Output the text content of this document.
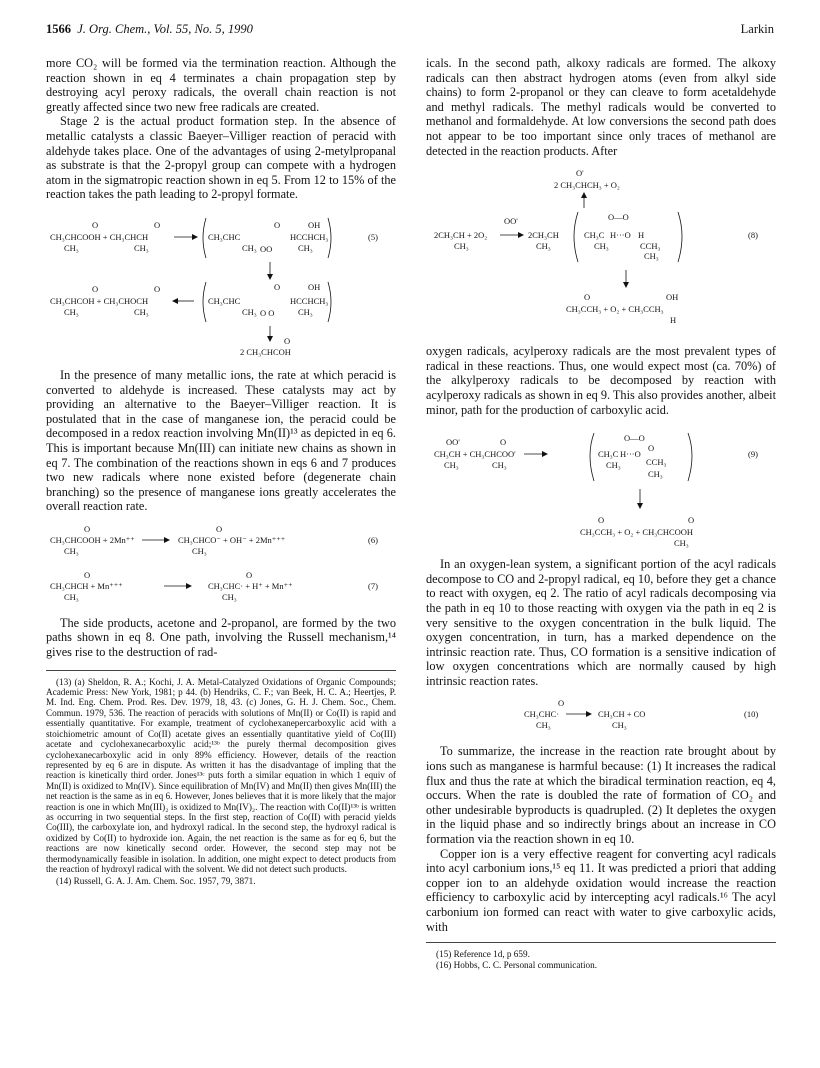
1566 J. Org. Chem., Vol. 55, No. 5, 1990	Larkin

more CO₂ will be formed via the termination reaction. Although the reaction shown in eq 4 terminates a chain propagation step by destroying acyl peroxy radicals, the overall chain reaction is not greatly affected since two new free radicals are created.

Stage 2 is the actual product formation step. In the absence of metallic catalysts a classic Baeyer–Villiger reaction of peracid with aldehyde takes place. One of the advantages of using 2-metylpropanal as substrate is that the 2-propyl group can compete with a hydrogen atom in the sigmatropic reaction shown in eq 5. From 12 to 15% of the reaction takes the path leading to 2-propyl formate.

O	O	O	OH
CH₃CHCOOH + CH₃CHCH	CH₃CHC	HCCHCH₃
CH₃	CH₃	CH₃ OO	CH₃
(5)
O	O	O	OH
CH₃CHCOH + CH₃CHOCH	CH₃CHC	HCCHCH₃
CH₃	CH₃	CH₃ O O	CH₃
O
2 CH₃CHCOH

In the presence of many metallic ions, the rate at which peracid is converted to aldehyde is increased. These catalysts may act by providing an alternative to the Baeyer–Villiger reaction. It is postulated that in the case of manganese ion, the peracid could be decomposed in a redox reaction involving Mn(II)¹³ as depicted in eq 6. This is important because Mn(III) can initiate new chains as shown in eq 7. The combination of the reactions shown in eqs 6 and 7 produces two new radicals where none existed before (degenerate chain branching) so the presence of manganese ions greatly accelerates the overall reaction rate.

O	O
CH₃CHCOOH + 2Mn⁺⁺	CH₃CHCO⁻ + OH⁻ + 2Mn⁺⁺⁺
CH₃	CH₃
(6)
O	O
CH₃CHCH + Mn⁺⁺⁺	CH₃CHC· + H⁺ + Mn⁺⁺
CH₃	CH₃
(7)

The side products, acetone and 2-propanol, are formed by the two paths shown in eq 8. One path, involving the Russell mechanism,¹⁴ gives rise to the destruction of rad-

(13) (a) Sheldon, R. A.; Kochi, J. A. Metal-Catalyzed Oxidations of Organic Compounds; Academic Press: New York, 1981; p 44. (b) Hendriks, C. F.; van Beek, H. C. A.; Heertjes, P. M. Ind. Eng. Chem. Prod. Res. Dev. 1979, 18, 43. (c) Jones, G. H. J. Chem. Soc., Chem. Commun. 1979, 536. The reaction of peracids with solutions of Mn(II) or Co(II) is rapid and essentially quantitative. For example, treatment of cyclohexanepercarboxylic acid with a stoichiometric amount of Co(II) acetate gives an essentially quantitative yield of Co(III) acetate and cyclohexanecarboxylic acid;¹³ᵇ the purely thermal decomposition gives cyclohexanecarboxylic acid in only 89% efficiency. However, details of the reaction represented by eq 6 are in dispute. As written it has the disadvantage of impling that the reaction is kinetically third order. Jones¹³ᶜ puts forth a similar equation in which 1 equiv of Mn(II) is oxidized to Mn(IV). Since equilibration of Mn(IV) and Mn(II) then gives Mn(III) the net reaction is the same as in eq 6. However, Jones believes that it is more likely that the major reaction is one in which Mn(III)₂ is oxidized to Mn(IV)₂. The reaction with Co(II)¹³ᵇ is written as occurring in two sequential steps. In the first step, reaction of Co(II) with peracid yields Co(III), the carboxylate ion, and hydroxyl radical. In the second step, the hydroxyl radical is oxidized by Co(II) to hydroxide ion. Again, the net reaction is the same as for eq 6, but the reactions are now kinetically second order. However, the second step may not be thermodynamically feasible in isolation. In addition, one might expect to detect products from the reaction of hydroxyl radical with the solvent. We did not detect such products.

(14) Russell, G. A. J. Am. Chem. Soc. 1957, 79, 3871.

icals. In the second path, alkoxy radicals are formed. The alkoxy radicals can then abstract hydrogen atoms (even from alkyl side chains) to form 2-propanol or they can cleave to form acetaldehyde and methyl radicals. The methyl radicals would be converted to methanol and formaldehyde. At low conversions the second path does not appear to be too important since only traces of methanol are detected in the reaction products. After

O'
2 CH₃CHCH₃ + O₂
OO'
2CH₃CH + 2O₂	2CH₃CH
CH₃	CH₃
O—O
CH₃C H···O H
CH₃	CCH₃
CH₃
(8)
O	OH
CH₃CCH₃ + O₂ + CH₃CCH₃
H

oxygen radicals, acylperoxy radicals are the most prevalent types of radical in these reactions. Thus, one would expect most (ca. 70%) of the alkylperoxy radicals to be decomposed by reaction with acylperoxy radicals as shown in eq 9. This also provides another, albeit minor, path for the production of carboxylic acid.

OO'	O
CH₃CH + CH₃CHCOO'
CH₃	CH₃
O—O
CH₃C H···O
O
CH₃	CCH₃
CH₃
(9)
O	O
CH₃CCH₃ + O₂ + CH₃CHCOOH
CH₃

In an oxygen-lean system, a significant portion of the acyl radicals decompose to CO and 2-propyl radical, eq 10, before they get a chance to react with oxygen, eq 2. The ratio of acyl radicals decomposing via the path in eq 10 to those reacting with oxygen via the path in eq 2 is very sensitive to the oxygen concentration in the bulk liquid. The oxygen concentration, in turn, has a marked dependence on the intrinsic reaction rate. Thus, CO formation is a sensitive indication of low oxygen concentrations which are normally caused by high intrinsic reaction rates.

O
CH₃CHC·	CH₃CH + CO
CH₃	CH₃
(10)

To summarize, the increase in the reaction rate brought about by ions such as manganese is harmful because: (1) It increases the radical flux and thus the rate at which the biradical termination reaction, eq 4, occurs. When the rate is doubled the rate of formation of CO₂ and other undesirable byproducts is quadrupled. (2) It depletes the oxygen in the liquid phase and so indirectly brings about an increase in CO formation via the reaction shown in eq 10.

Copper ion is a very effective reagent for converting acyl radicals into acyl carbonium ions,¹⁵ eq 11. It was predicted a priori that adding copper ion to an aldehyde oxidation would increase the reaction efficiency to carboxylic acid by intercepting acyl radicals.¹⁶ The acyl carbonium ion formed can react with water to give carboxylic acids, with

(15) Reference 1d, p 659.

(16) Hobbs, C. C. Personal communication.
